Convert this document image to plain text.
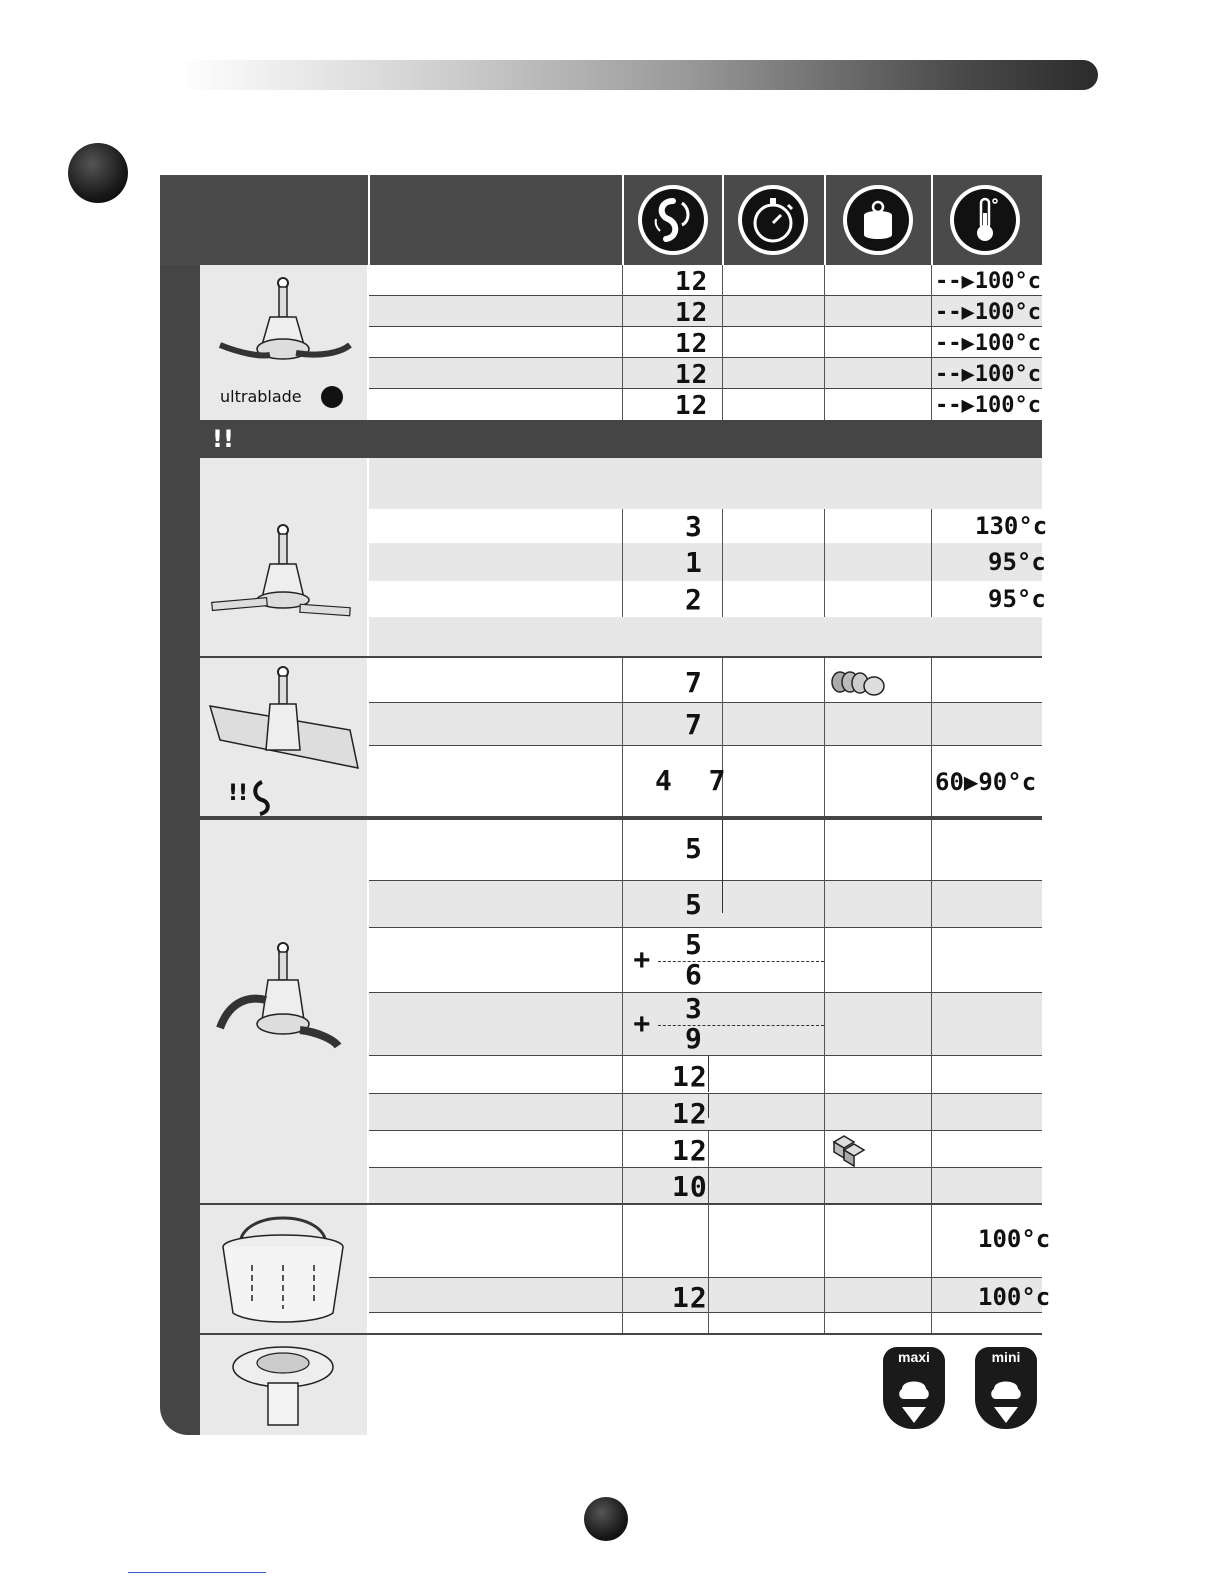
ultrablade
12
12
12
12
12
--▶100°c
--▶100°c
--▶100°c
--▶100°c
--▶100°c
!!
3
1
2
130°c
95°c
95°c
!!
7
7
4  7	60▶90°c
5
5
+ 5
6
+ 3
9
12
12
12
10
12
100°c
100°c
maxi	mini
